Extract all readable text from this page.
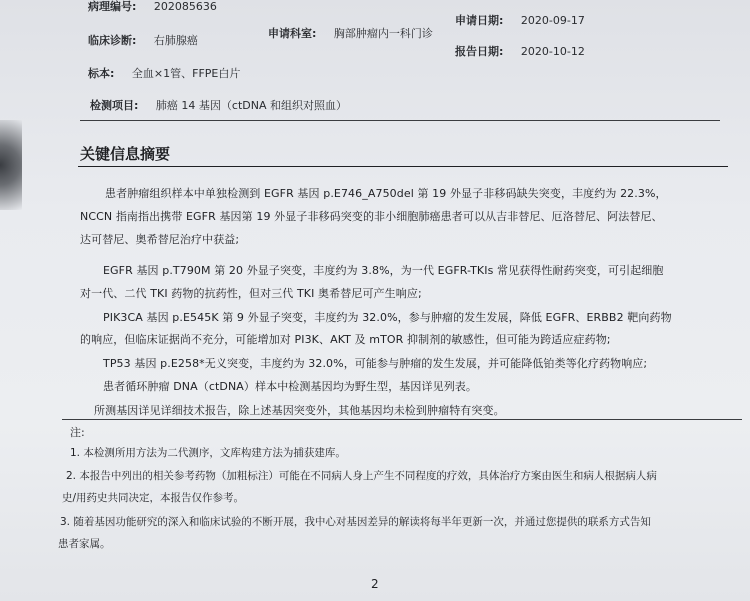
病理编号: 202085636
临床诊断: 右肺腺癌
申请科室: 胸部肿瘤内一科门诊
申请日期: 2020-09-17
报告日期: 2020-10-12
标本: 全血×1管、FFPE白片
检测项目: 肺癌 14 基因（ctDNA 和组织对照血）
关键信息摘要
患者肿瘤组织样本中单独检测到 EGFR 基因 p.E746_A750del 第 19 外显子非移码缺失突变，丰度约为 22.3%，
NCCN 指南指出携带 EGFR 基因第 19 外显子非移码突变的非小细胞肺癌患者可以从吉非替尼、厄洛替尼、阿法替尼、
达可替尼、奥希替尼治疗中获益;
EGFR 基因 p.T790M 第 20 外显子突变，丰度约为 3.8%，为一代 EGFR-TKIs 常见获得性耐药突变，可引起细胞
对一代、二代 TKI 药物的抗药性，但对三代 TKI 奥希替尼可产生响应;
PIK3CA 基因 p.E545K 第 9 外显子突变，丰度约为 32.0%，参与肿瘤的发生发展，降低 EGFR、ERBB2 靶向药物
的响应，但临床证据尚不充分，可能增加对 PI3K、AKT 及 mTOR 抑制剂的敏感性，但可能为跨适应症药物;
TP53 基因 p.E258*无义突变，丰度约为 32.0%，可能参与肿瘤的发生发展，并可能降低铂类等化疗药物响应;
患者循环肿瘤 DNA（ctDNA）样本中检测基因均为野生型，基因详见列表。
所测基因详见详细技术报告，除上述基因突变外，其他基因均未检到肿瘤特有突变。
注:
1. 本检测所用方法为二代测序，文库构建方法为捕获建库。
2. 本报告中列出的相关参考药物（加粗标注）可能在不同病人身上产生不同程度的疗效，具体治疗方案由医生和病人根据病人病
史/用药史共同决定，本报告仅作参考。
3. 随着基因功能研究的深入和临床试验的不断开展，我中心对基因差异的解读将每半年更新一次，并通过您提供的联系方式告知
患者家属。
2
